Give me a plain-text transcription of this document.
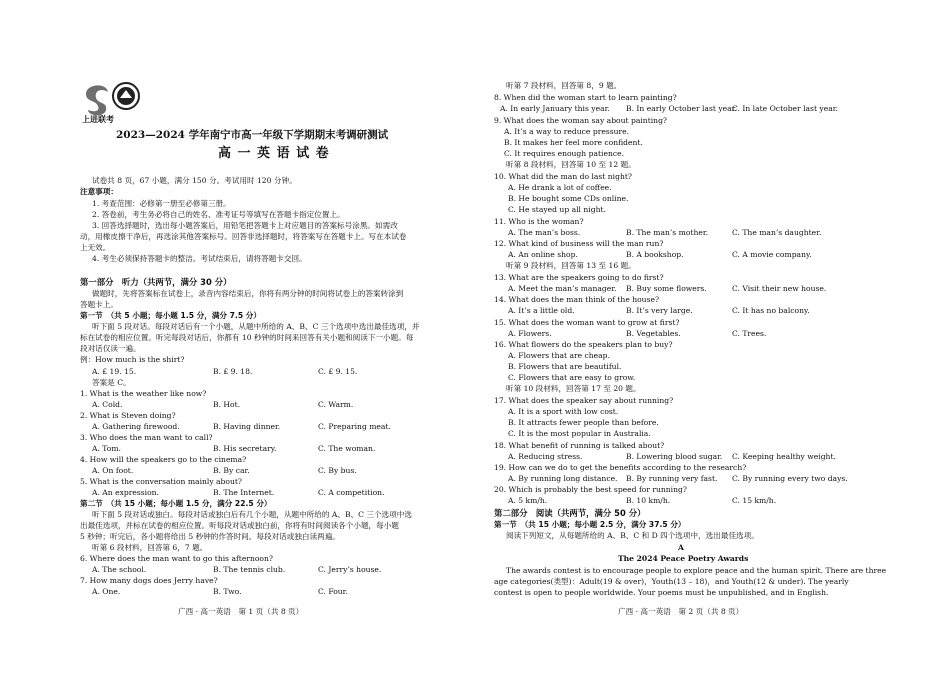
上进联考
2023—2024 学年南宁市高一年级下学期期末考调研测试
高 一 英 语 试 卷
试卷共 8 页，67 小题，满分 150 分。考试用时 120 分钟。
注意事项：
1. 考查范围：必修第一册至必修第三册。
2. 答卷前，考生务必将自己的姓名、准考证号等填写在答题卡指定位置上。
3. 回答选择题时，选出每小题答案后，用铅笔把答题卡上对应题目的答案标号涂黑。如需改
动，用橡皮擦干净后，再选涂其他答案标号。回答非选择题时，将答案写在答题卡上。写在本试卷
上无效。
4. 考生必须保持答题卡的整洁。考试结束后，请将答题卡交回。
第一部分　听力（共两节，满分 30 分）
做题时，先将答案标在试卷上，录音内容结束后，你将有两分钟的时间将试卷上的答案转涂到
答题卡上。
第一节　（共 5 小题；每小题 1.5 分，满分 7.5 分）
听下面 5 段对话。每段对话后有一个小题，从题中所给的 A、B、C 三个选项中选出最佳选项，并
标在试卷的相应位置。听完每段对话后，你都有 10 秒钟的时间来回答有关小题和阅读下一小题。每
段对话仅读一遍。
例：How much is the shirt?
A. £ 19. 15.	B. £ 9. 18.	C. £ 9. 15.
答案是 C。
1. What is the weather like now?
A. Cold.	B. Hot.	C. Warm.
2. What is Steven doing?
A. Gathering firewood.	B. Having dinner.	C. Preparing meat.
3. Who does the man want to call?
A. Tom.	B. His secretary.	C. The woman.
4. How will the speakers go to the cinema?
A. On foot.	B. By car.	C. By bus.
5. What is the conversation mainly about?
A. An expression.	B. The Internet.	C. A competition.
第二节　（共 15 小题；每小题 1.5 分，满分 22.5 分）
听下面 5 段对话或独白。每段对话或独白后有几个小题，从题中所给的 A、B、C 三个选项中选
出最佳选项，并标在试卷的相应位置。听每段对话或独白前，你将有时间阅读各个小题，每小题
5 秒钟；听完后，各小题将给出 5 秒钟的作答时间。每段对话或独白读两遍。
听第 6 段材料，回答第 6，7 题。
6. Where does the man want to go this afternoon?
A. The school.	B. The tennis club.	C. Jerry’s house.
7. How many dogs does Jerry have?
A. One.	B. Two.	C. Four.
广西 · 高一英语　第 1 页（共 8 页）
听第 7 段材料，回答第 8，9 题。
8. When did the woman start to learn painting?
A. In early January this year. B. In early October last year.
C. In late October last year.
9. What does the woman say about painting?
A. It’s a way to reduce pressure.
B. It makes her feel more confident.
C. It requires enough patience.
听第 8 段材料，回答第 10 至 12 题。
10. What did the man do last night?
A. He drank a lot of coffee.
B. He bought some CDs online.
C. He stayed up all night.
11. Who is the woman?
A. The man’s boss.	B. The man’s mother.	C. The man’s daughter.
12. What kind of business will the man run?
A. An online shop.	B. A bookshop.	C. A movie company.
听第 9 段材料，回答第 13 至 16 题。
13. What are the speakers going to do first?
A. Meet the man’s manager. B. Buy some flowers.	C. Visit their new house.
14. What does the man think of the house?
A. It’s a little old.	B. It’s very large.	C. It has no balcony.
15. What does the woman want to grow at first?
A. Flowers.	B. Vegetables.	C. Trees.
16. What flowers do the speakers plan to buy?
A. Flowers that are cheap.
B. Flowers that are beautiful.
C. Flowers that are easy to grow.
听第 10 段材料，回答第 17 至 20 题。
17. What does the speaker say about running?
A. It is a sport with low cost.
B. It attracts fewer people than before.
C. It is the most popular in Australia.
18. What benefit of running is talked about?
A. Reducing stress.	B. Lowering blood sugar. C. Keeping healthy weight.
19. How can we do to get the benefits according to the research?
A. By running long distance. B. By running very fast. C. By running every two days.
20. Which is probably the best speed for running?
A. 5 km/h.	B. 10 km/h.	C. 15 km/h.
第二部分　阅读（共两节，满分 50 分）
第一节　（共 15 小题；每小题 2.5 分，满分 37.5 分）
阅读下列短文，从每题所给的 A、B、C 和 D 四个选项中，选出最佳选项。
A
The 2024 Peace Poetry Awards
The awards contest is to encourage people to explore peace and the human spirit. There are three
age categories(类型)：Adult(19 & over)，Youth(13 – 18)，and Youth(12 & under). The yearly
contest is open to people worldwide. Your poems must be unpublished, and in English.
广西 · 高一英语　第 2 页（共 8 页）
